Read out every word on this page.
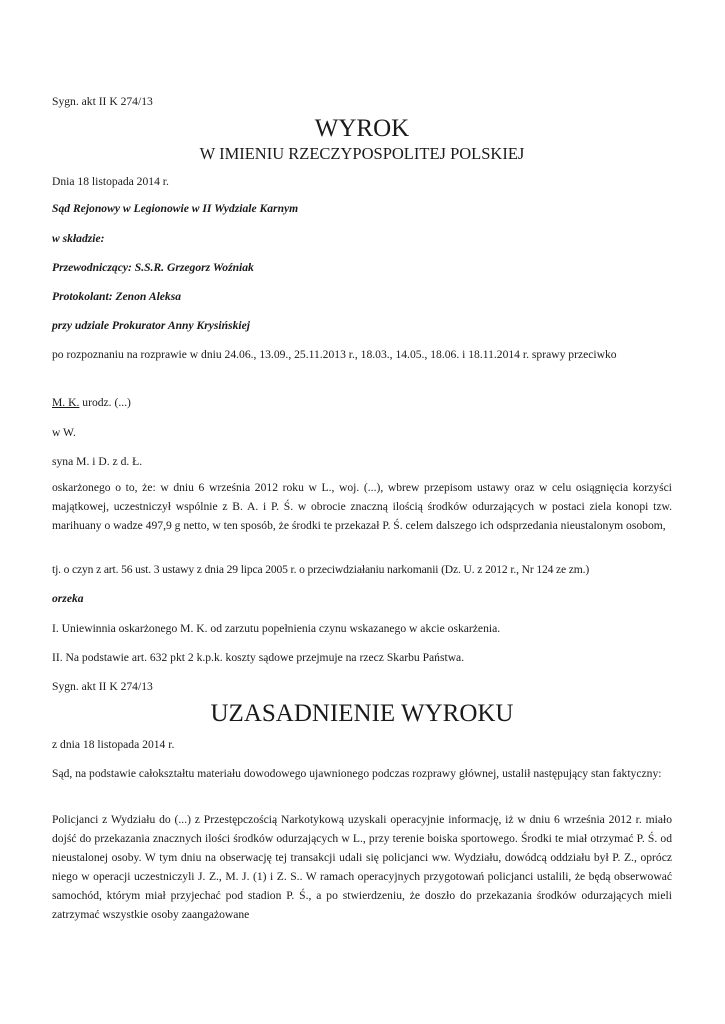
Sygn. akt II K 274/13

WYROK
W IMIENIU RZECZYPOSPOLITEJ POLSKIEJ

Dnia 18 listopada 2014 r.

Sąd Rejonowy w Legionowie w II Wydziale Karnym

w składzie:

Przewodniczący: S.S.R. Grzegorz Woźniak

Protokolant: Zenon Aleksa

przy udziale Prokurator Anny Krysińskiej

po rozpoznaniu na rozprawie w dniu 24.06., 13.09., 25.11.2013 r., 18.03., 14.05., 18.06. i 18.11.2014 r. sprawy przeciwko

M. K. urodz. (...)

w W.

syna M. i D. z d. Ł.

oskarżonego o to, że: w dniu 6 września 2012 roku w L., woj. (...), wbrew przepisom ustawy oraz w celu osiągnięcia korzyści majątkowej, uczestniczył wspólnie z B. A. i P. Ś. w obrocie znaczną ilością środków odurzających w postaci ziela konopi tzw. marihuany o wadze 497,9 g netto, w ten sposób, że środki te przekazał P. Ś. celem dalszego ich odsprzedania nieustalonym osobom,

tj. o czyn z art. 56 ust. 3 ustawy z dnia 29 lipca 2005 r. o przeciwdziałaniu narkomanii (Dz. U. z 2012 r., Nr 124 ze zm.)

orzeka

I. Uniewinnia oskarżonego M. K. od zarzutu popełnienia czynu wskazanego w akcie oskarżenia.

II. Na podstawie art. 632 pkt 2 k.p.k. koszty sądowe przejmuje na rzecz Skarbu Państwa.

Sygn. akt II K 274/13

UZASADNIENIE WYROKU

z dnia 18 listopada 2014 r.

Sąd, na podstawie całokształtu materiału dowodowego ujawnionego podczas rozprawy głównej, ustalił następujący stan faktyczny:

Policjanci z Wydziału do (...) z Przestępczością Narkotykową uzyskali operacyjnie informację, iż w dniu 6 września 2012 r. miało dojść do przekazania znacznych ilości środków odurzających w L., przy terenie boiska sportowego. Środki te miał otrzymać P. Ś. od nieustalonej osoby. W tym dniu na obserwację tej transakcji udali się policjanci ww. Wydziału, dowódcą oddziału był P. Z., oprócz niego w operacji uczestniczyli J. Z., M. J. (1) i Z. S.. W ramach operacyjnych przygotowań policjanci ustalili, że będą obserwować samochód, którym miał przyjechać pod stadion P. Ś., a po stwierdzeniu, że doszło do przekazania środków odurzających mieli zatrzymać wszystkie osoby zaangażowane
